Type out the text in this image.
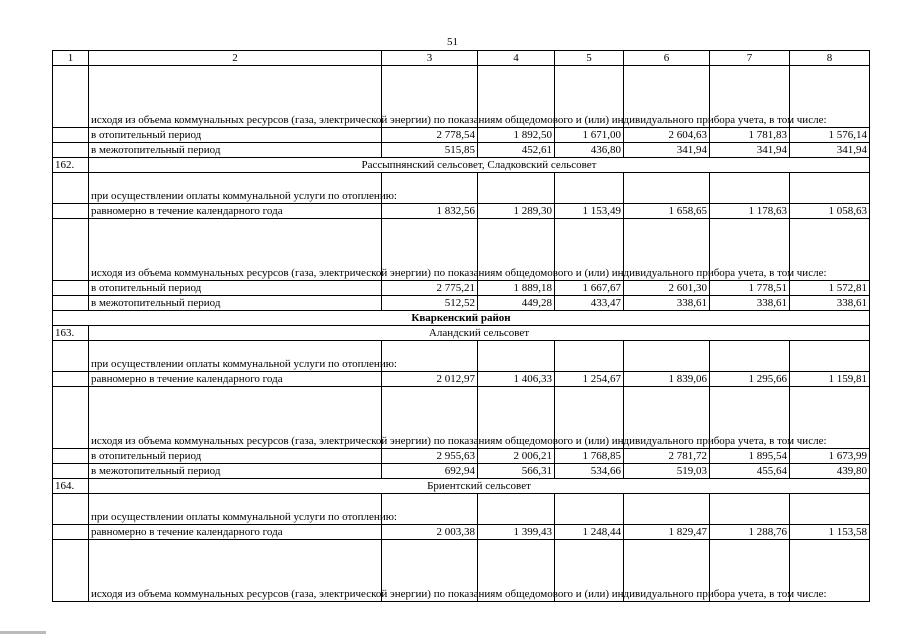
51
1	2	3	4	5	6	7	8
	исходя из объема коммунальных ресурсов (газа, электрической энергии) по показаниям общедомового и (или) индивидуального прибора учета, в том числе:						
	в отопительный период	2 778,54	1 892,50	1 671,00	2 604,63	1 781,83	1 576,14
	в межотопительный период	515,85	452,61	436,80	341,94	341,94	341,94
162.	Рассыпнянский сельсовет, Сладковский сельсовет						
	при осуществлении оплаты коммунальной услуги по отоплению:						
	равномерно в течение календарного года	1 832,56	1 289,30	1 153,49	1 658,65	1 178,63	1 058,63
	исходя из объема коммунальных ресурсов (газа, электрической энергии) по показаниям общедомового и (или) индивидуального прибора учета, в том числе:						
	в отопительный период	2 775,21	1 889,18	1 667,67	2 601,30	1 778,51	1 572,81
	в межотопительный период	512,52	449,28	433,47	338,61	338,61	338,61
Кваркенский район							
163.	Аландский сельсовет						
	при осуществлении оплаты коммунальной услуги по отоплению:						
	равномерно в течение календарного года	2 012,97	1 406,33	1 254,67	1 839,06	1 295,66	1 159,81
	исходя из объема коммунальных ресурсов (газа, электрической энергии) по показаниям общедомового и (или) индивидуального прибора учета, в том числе:						
	в отопительный период	2 955,63	2 006,21	1 768,85	2 781,72	1 895,54	1 673,99
	в межотопительный период	692,94	566,31	534,66	519,03	455,64	439,80
164.	Бриентский сельсовет						
	при осуществлении оплаты коммунальной услуги по отоплению:						
	равномерно в течение календарного года	2 003,38	1 399,43	1 248,44	1 829,47	1 288,76	1 153,58
	исходя из объема коммунальных ресурсов (газа, электрической энергии) по показаниям общедомового и (или) индивидуального прибора учета, в том числе:						
